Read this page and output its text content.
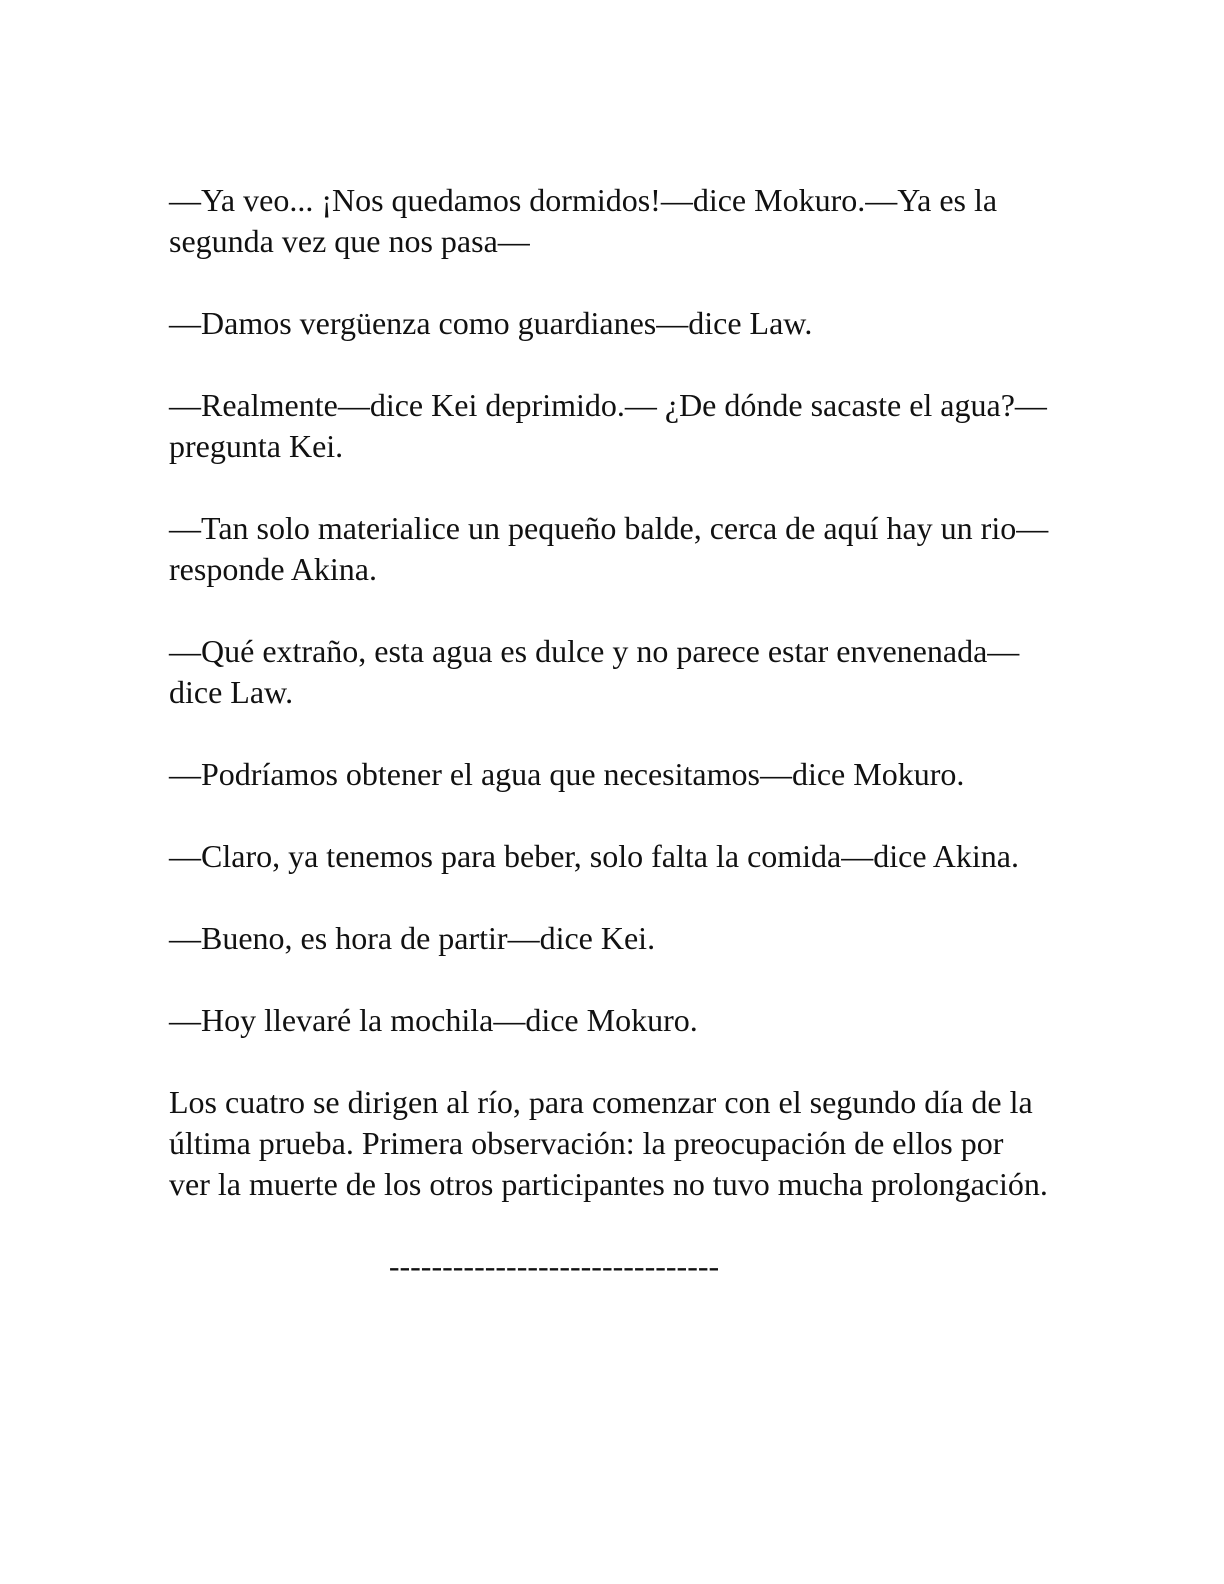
—Ya veo... ¡Nos quedamos dormidos!—dice Mokuro.—Ya es la segunda vez que nos pasa—

—Damos vergüenza como guardianes—dice Law.

—Realmente—dice Kei deprimido.— ¿De dónde sacaste el agua?—pregunta Kei.

—Tan solo materialice un pequeño balde, cerca de aquí hay un rio—responde Akina.

—Qué extraño, esta agua es dulce y no parece estar envenenada—dice Law.

—Podríamos obtener el agua que necesitamos—dice Mokuro.

—Claro, ya tenemos para beber, solo falta la comida—dice Akina.

—Bueno, es hora de partir—dice Kei.

—Hoy llevaré la mochila—dice Mokuro.

Los cuatro se dirigen al río, para comenzar con el segundo día de la última prueba. Primera observación: la preocupación de ellos por ver la muerte de los otros participantes no tuvo mucha prolongación.

-------------------------------
